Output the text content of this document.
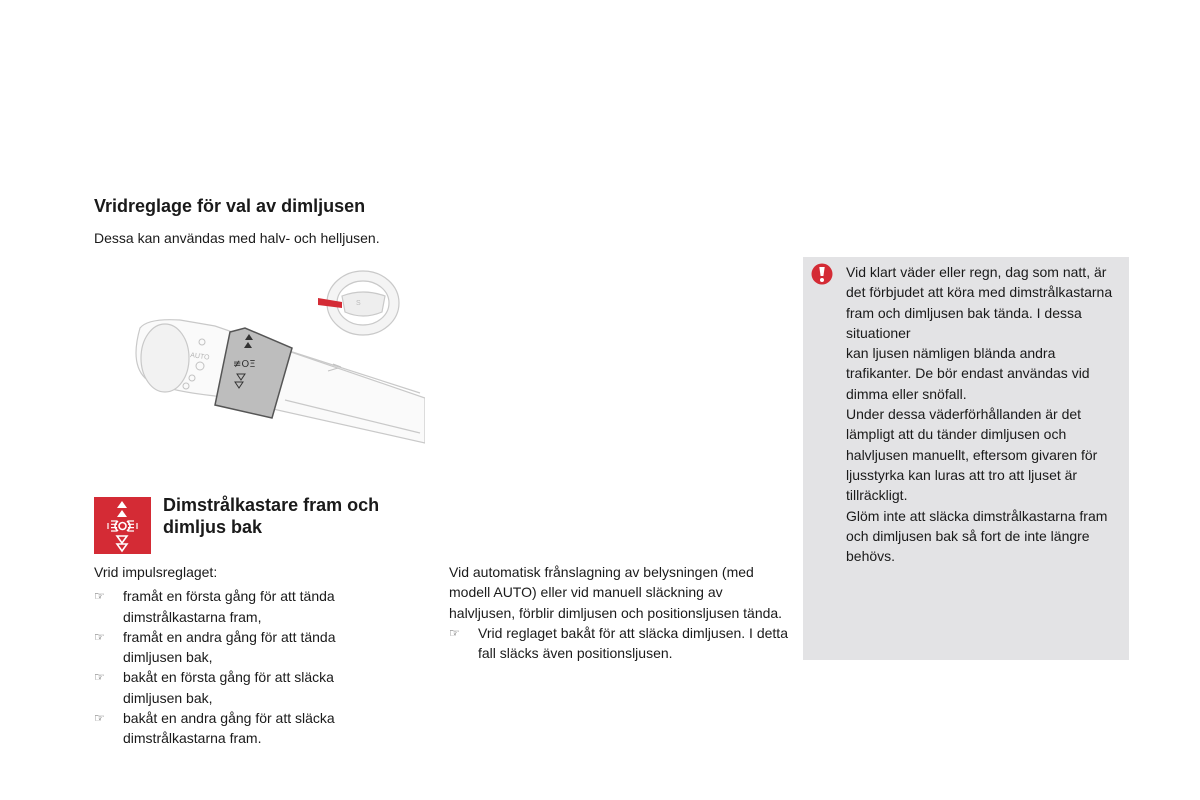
Vridreglage för val av dimljusen
Dessa kan användas med halv- och helljusen.
S
AUTO
≢OΞ
Dimstrålkastare fram och
dimljus bak
Vrid impulsreglaget:
☞ framåt en första gång för att tända dimstrålkastarna fram,
☞ framåt en andra gång för att tända dimljusen bak,
☞ bakåt en första gång för att släcka dimljusen bak,
☞ bakåt en andra gång för att släcka dimstrålkastarna fram.
Vid automatisk frånslagning av belysningen (med modell AUTO) eller vid manuell släckning av halvljusen, förblir dimljusen och positionsljusen tända.
☞ Vrid reglaget bakåt för att släcka dimljusen. I detta fall släcks även positionsljusen.
Vid klart väder eller regn, dag som natt, är det förbjudet att köra med dimstrålkastarna fram och dimljusen bak tända. I dessa situationer
kan ljusen nämligen blända andra trafikanter. De bör endast användas vid dimma eller snöfall.
Under dessa väderförhållanden är det lämpligt att du tänder dimljusen och halvljusen manuellt, eftersom givaren för ljusstyrka kan luras att tro att ljuset är tillräckligt.
Glöm inte att släcka dimstrålkastarna fram och dimljusen bak så fort de inte längre behövs.
